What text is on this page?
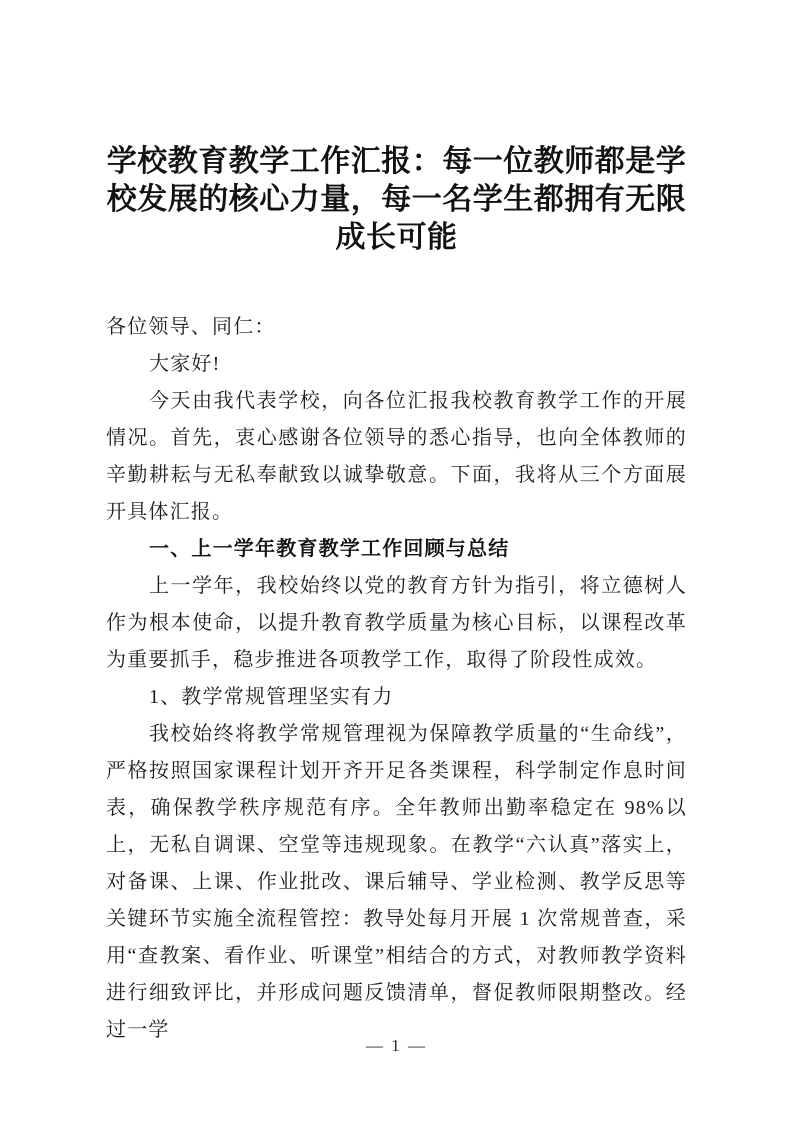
学校教育教学工作汇报：每一位教师都是学校发展的核心力量，每一名学生都拥有无限成长可能

各位领导、同仁：

大家好!

今天由我代表学校，向各位汇报我校教育教学工作的开展情况。首先，衷心感谢各位领导的悉心指导，也向全体教师的辛勤耕耘与无私奉献致以诚挚敬意。下面，我将从三个方面展开具体汇报。

一、上一学年教育教学工作回顾与总结

上一学年，我校始终以党的教育方针为指引，将立德树人作为根本使命，以提升教育教学质量为核心目标，以课程改革为重要抓手，稳步推进各项教学工作，取得了阶段性成效。

1、教学常规管理坚实有力

我校始终将教学常规管理视为保障教学质量的“生命线”，严格按照国家课程计划开齐开足各类课程，科学制定作息时间表，确保教学秩序规范有序。全年教师出勤率稳定在 98%以上，无私自调课、空堂等违规现象。在教学“六认真”落实上，对备课、上课、作业批改、课后辅导、学业检测、教学反思等关键环节实施全流程管控：教导处每月开展 1 次常规普查，采用“查教案、看作业、听课堂”相结合的方式，对教师教学资料进行细致评比，并形成问题反馈清单，督促教师限期整改。经过一学

— 1 —
